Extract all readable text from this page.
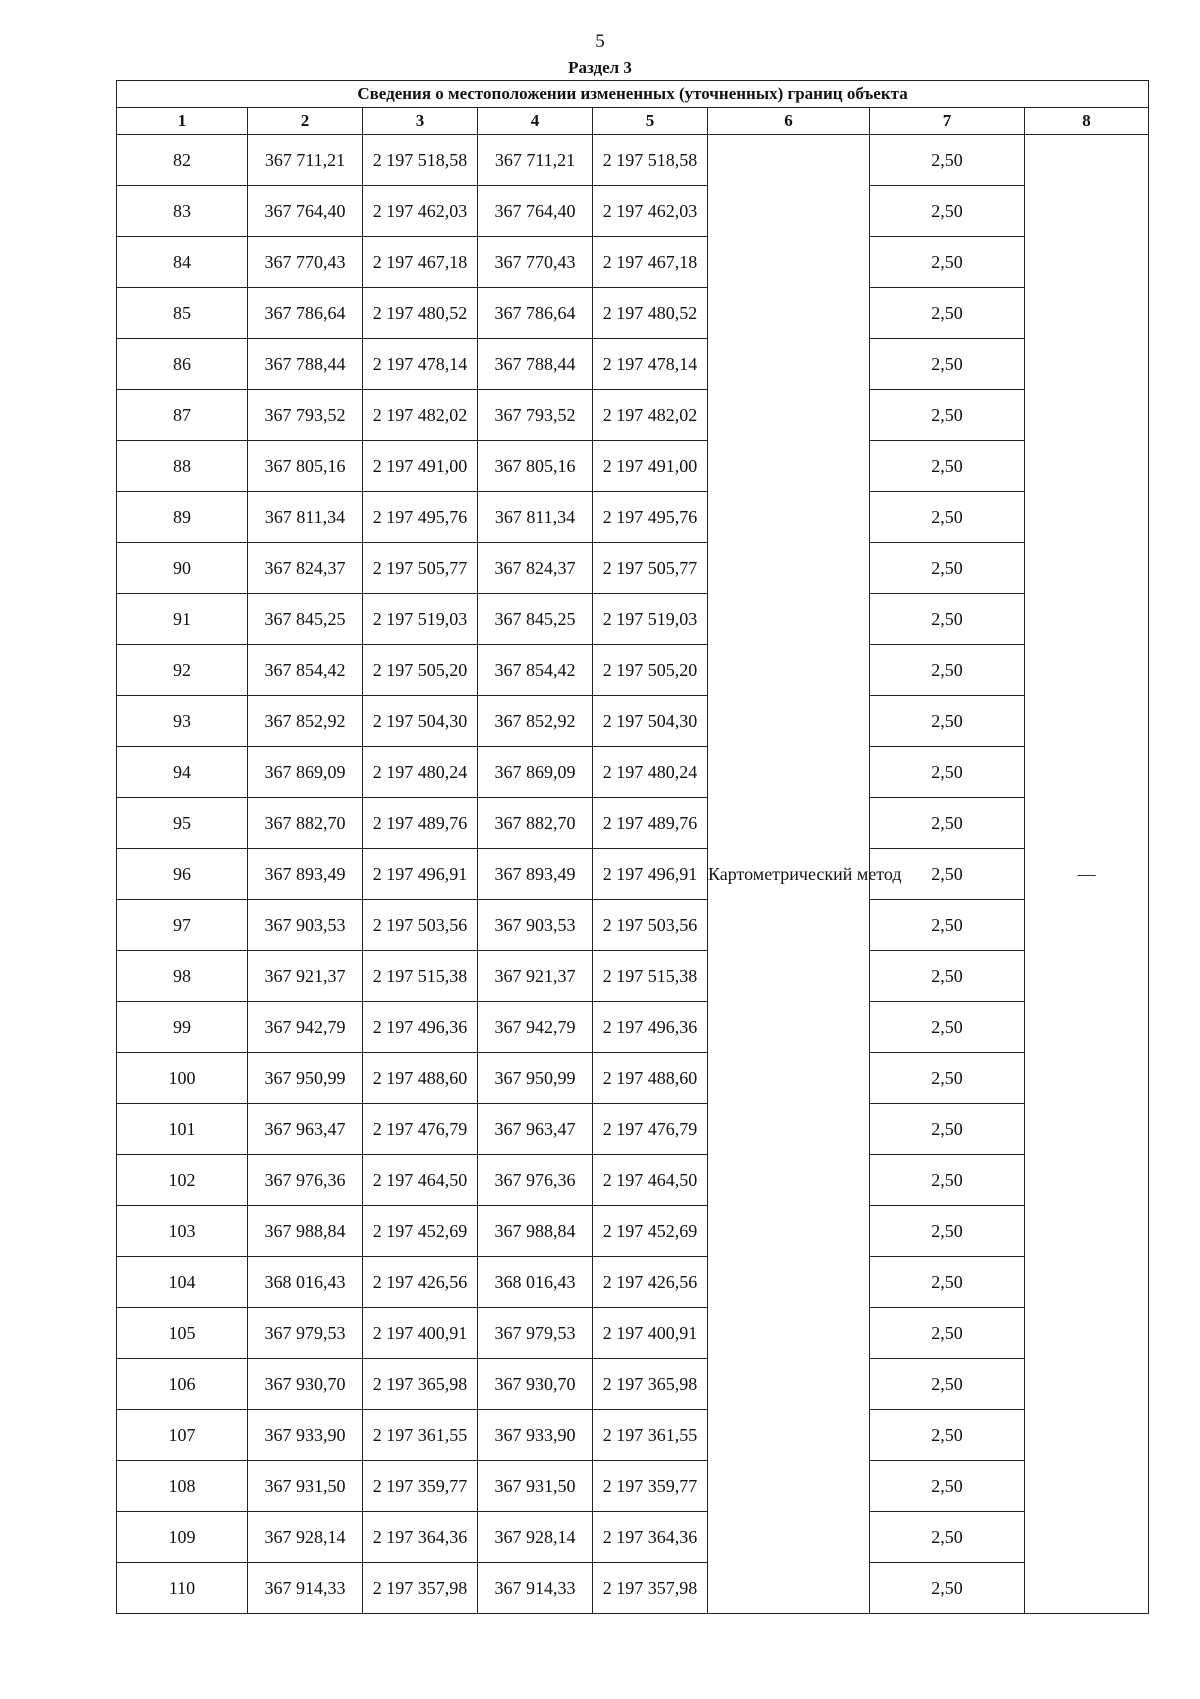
5
Раздел 3
Сведения о местоположении измененных (уточненных) границ объекта							
1	2	3	4	5	6	7	8
82	367 711,21	2 197 518,58	367 711,21	2 197 518,58	Картометрический метод	2,50	—
83	367 764,40	2 197 462,03	367 764,40	2 197 462,03		2,50	
84	367 770,43	2 197 467,18	367 770,43	2 197 467,18		2,50	
85	367 786,64	2 197 480,52	367 786,64	2 197 480,52		2,50	
86	367 788,44	2 197 478,14	367 788,44	2 197 478,14		2,50	
87	367 793,52	2 197 482,02	367 793,52	2 197 482,02		2,50	
88	367 805,16	2 197 491,00	367 805,16	2 197 491,00		2,50	
89	367 811,34	2 197 495,76	367 811,34	2 197 495,76		2,50	
90	367 824,37	2 197 505,77	367 824,37	2 197 505,77		2,50	
91	367 845,25	2 197 519,03	367 845,25	2 197 519,03		2,50	
92	367 854,42	2 197 505,20	367 854,42	2 197 505,20		2,50	
93	367 852,92	2 197 504,30	367 852,92	2 197 504,30		2,50	
94	367 869,09	2 197 480,24	367 869,09	2 197 480,24		2,50	
95	367 882,70	2 197 489,76	367 882,70	2 197 489,76		2,50	
96	367 893,49	2 197 496,91	367 893,49	2 197 496,91		2,50	
97	367 903,53	2 197 503,56	367 903,53	2 197 503,56		2,50	
98	367 921,37	2 197 515,38	367 921,37	2 197 515,38		2,50	
99	367 942,79	2 197 496,36	367 942,79	2 197 496,36		2,50	
100	367 950,99	2 197 488,60	367 950,99	2 197 488,60		2,50	
101	367 963,47	2 197 476,79	367 963,47	2 197 476,79		2,50	
102	367 976,36	2 197 464,50	367 976,36	2 197 464,50		2,50	
103	367 988,84	2 197 452,69	367 988,84	2 197 452,69		2,50	
104	368 016,43	2 197 426,56	368 016,43	2 197 426,56		2,50	
105	367 979,53	2 197 400,91	367 979,53	2 197 400,91		2,50	
106	367 930,70	2 197 365,98	367 930,70	2 197 365,98		2,50	
107	367 933,90	2 197 361,55	367 933,90	2 197 361,55		2,50	
108	367 931,50	2 197 359,77	367 931,50	2 197 359,77		2,50	
109	367 928,14	2 197 364,36	367 928,14	2 197 364,36		2,50	
110	367 914,33	2 197 357,98	367 914,33	2 197 357,98		2,50	
